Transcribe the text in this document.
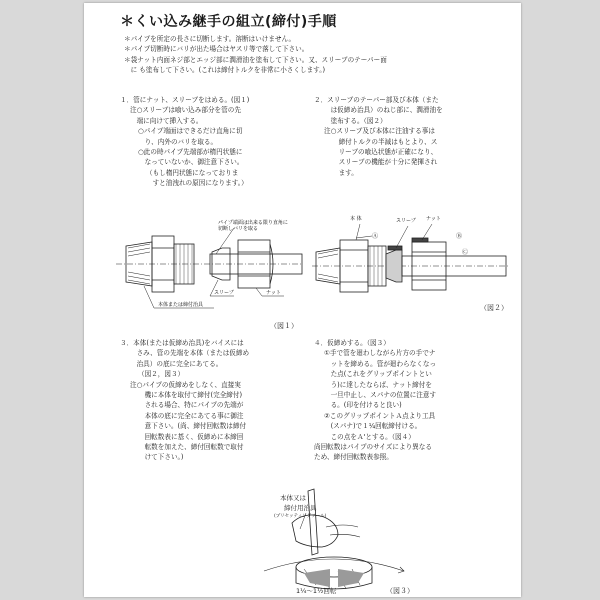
＊くい込み継手の組立(締付)手順
＊パイプを所定の長さに切断します。溶断はいけません。
＊パイプ切断時にバリが出た場合はヤスリ等で落して下さい。
＊袋ナット内面ネジ部とエッジ部に潤滑油を塗布して下さい。又、スリーブのテーパー面
　に も塗布して下さい。(これは締付トルクを非常に小さくします。)
１．管にナット、スリーブをはめる。(図１)
注○スリーブは喰い込み部分を管の先
　端に向けて挿入する。
○パイプ端面はできるだけ直角に切
　り、内外のバリを取る。
○此の時パイプ先端部が楕円状態に
　なっていないか、御注意下さい。
（もし楕円状態になっておりま
　すと油洩れの原因になります。）
２．スリーブのテーパー部及び本体（また
　は仮締め治具）のねじ部に、潤滑油を
　塗布する。（図２）
注○スリーブ及び本体に注油する事は
　締付トルクの半減はもとより、ス
　リーブの喰込状態が正確になり、
　スリーブの機能が十分に発揮され
　ます。
パイプ端面は出来る限り直角に
切断しバリを取る
スリーブ	ナット
本体または締付治具
（図１）
本 体	スリーブ ナット
Ⓐ	Ⓑ
Ⓒ
（図２）
３．本体(または仮締め治具)をバイスには
　さみ、管の先端を本体（または仮締め
　治具）の底に完全にあてる。
（図２，図３）
注○パイプの仮締めをしなく、直接実
　機に本体を取付て締付(完全締付)
　される場合、特にパイプの先端が
　本体の底に完全にあてる事に御注
　意下さい。(尚、締付回転数は締付
　回転数表に基く、仮締めに本締回
　転数を加えた、締付回転数で取付
　けて下さい。)
４．仮締めする。（図３）
①手で管を廻わしながら片方の手でナ
　ットを締める。管が廻わらなくなっ
　た点(これをグリップポイントとい
　う)に達したならば、ナット締付を
　一旦中止し、スパナの位置に注意す
　る。(印を付けると良い)
②このグリップポイントＡ点より工具
　(スパナ)で１¼回転締付ける。
　この点をＡ'とする。（図４）
尚回転数はパイプのサイズにより異なる
ため、締付回転数表参照。
本体又は
締付用治具
(プリセッティングツール)
1¼～1½回転	（図３）
